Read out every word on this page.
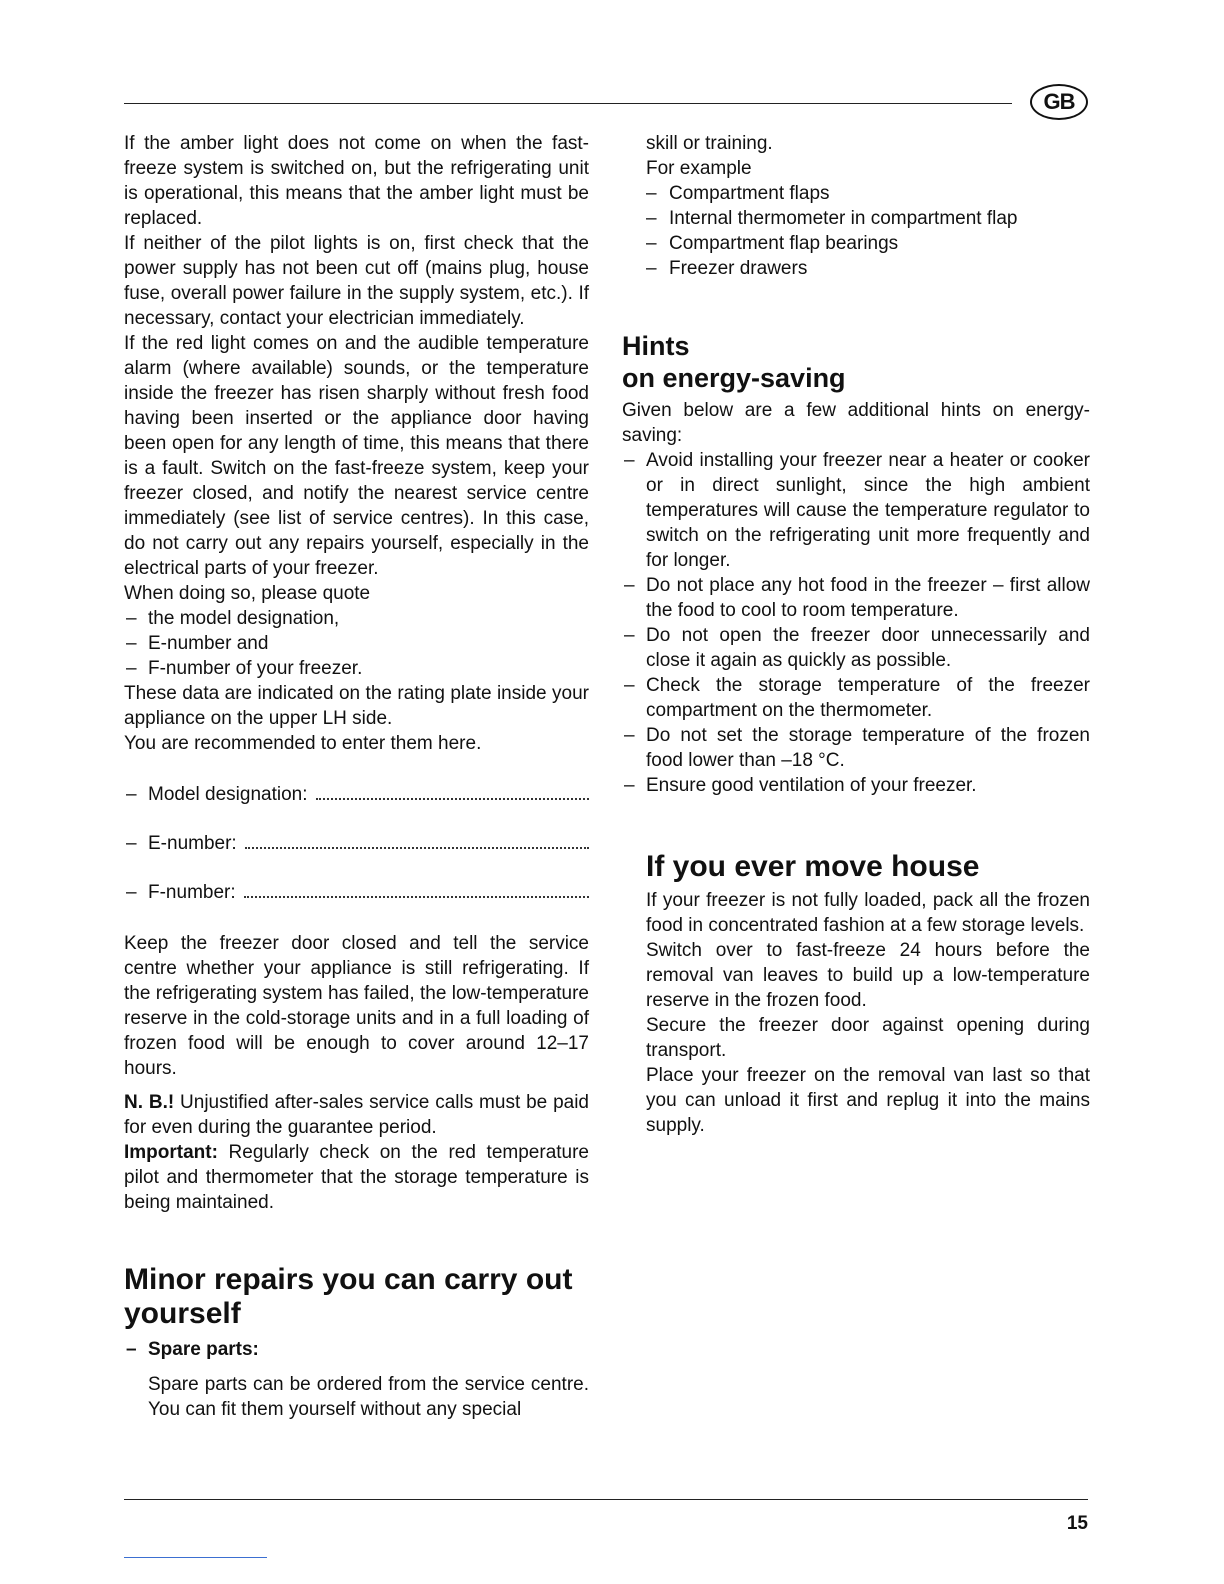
GB

If the amber light does not come on when the fast-freeze system is switched on, but the refrigerating unit is operational, this means that the amber light must be replaced.

If neither of the pilot lights is on, first check that the power supply has not been cut off (mains plug, house fuse, overall power failure in the supply system, etc.). If necessary, contact your electrician immediately.

If the red light comes on and the audible temperature alarm (where available) sounds, or the temperature inside the freezer has risen sharply without fresh food having been inserted or the appliance door having been open for any length of time, this means that there is a fault. Switch on the fast-freeze system, keep your freezer closed, and notify the nearest service centre immediately (see list of service centres). In this case, do not carry out any repairs yourself, especially in the electrical parts of your freezer.

When doing so, please quote

– the model designation,

– E-number and

– F-number of your freezer.

These data are indicated on the rating plate inside your appliance on the upper LH side.

You are recommended to enter them here.

– Model designation:

– E-number:

– F-number:

Keep the freezer door closed and tell the service centre whether your appliance is still refrigerating. If the refrigerating system has failed, the low-temperature reserve in the cold-storage units and in a full loading of frozen food will be enough to cover around 12–17 hours.

N. B.! Unjustified after-sales service calls must be paid for even during the guarantee period.

Important: Regularly check on the red temperature pilot and thermometer that the storage temperature is being maintained.

Minor repairs you can carry out yourself

– Spare parts:

Spare parts can be ordered from the service centre. You can fit them yourself without any special

skill or training.

For example

– Compartment flaps

– Internal thermometer in compartment flap

– Compartment flap bearings

– Freezer drawers

Hints
on energy-saving

Given below are a few additional hints on energy-saving:

– Avoid installing your freezer near a heater or cooker or in direct sunlight, since the high ambient temperatures will cause the temperature regulator to switch on the refrigerating unit more frequently and for longer.

– Do not place any hot food in the freezer – first allow the food to cool to room temperature.

– Do not open the freezer door unnecessarily and close it again as quickly as possible.

– Check the storage temperature of the freezer compartment on the thermometer.

– Do not set the storage temperature of the frozen food lower than –18 °C.

– Ensure good ventilation of your freezer.

If you ever move house

If your freezer is not fully loaded, pack all the frozen food in concentrated fashion at a few storage levels.

Switch over to fast-freeze 24 hours before the removal van leaves to build up a low-temperature reserve in the frozen food.

Secure the freezer door against opening during transport.

Place your freezer on the removal van last so that you can unload it first and replug it into the mains supply.

15
